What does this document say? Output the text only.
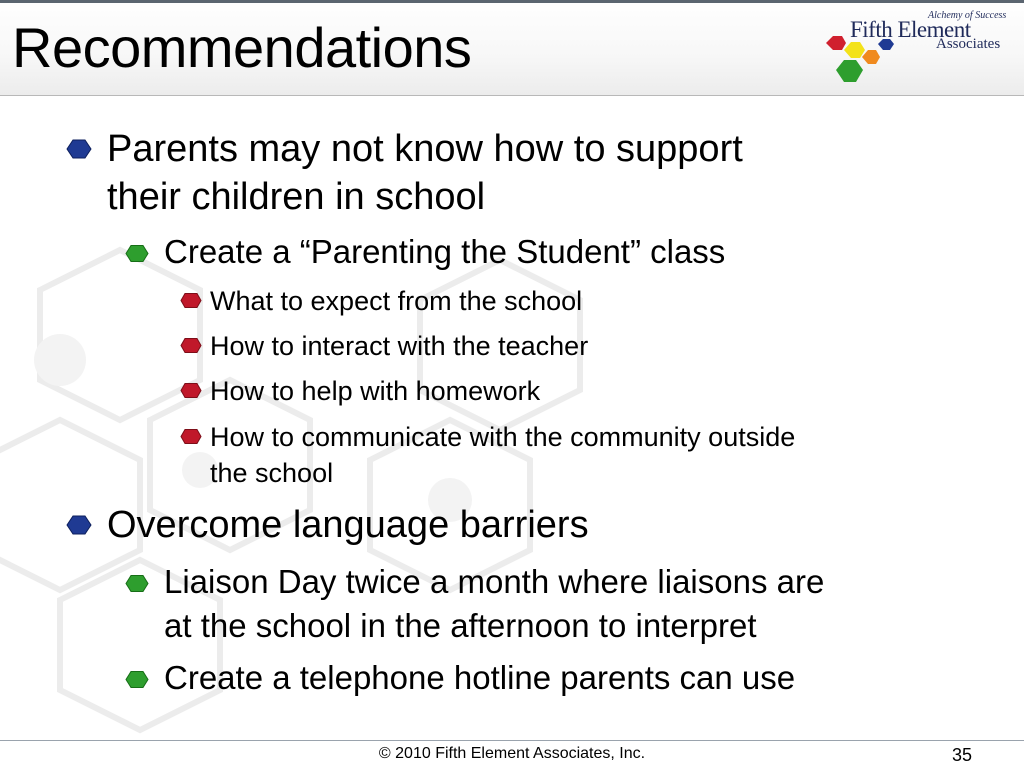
Recommendations
Alchemy of Success
Fifth Element
Associates
Parents may not know how to support
their children in school
Create a “Parenting the Student” class
What to expect from the school
How to interact with the teacher
How to help with homework
How to communicate with the community outside
the school
Overcome language barriers
Liaison Day twice a month where liaisons are
at the school in the afternoon to interpret
Create a telephone hotline parents can use
© 2010 Fifth Element Associates, Inc.	35
